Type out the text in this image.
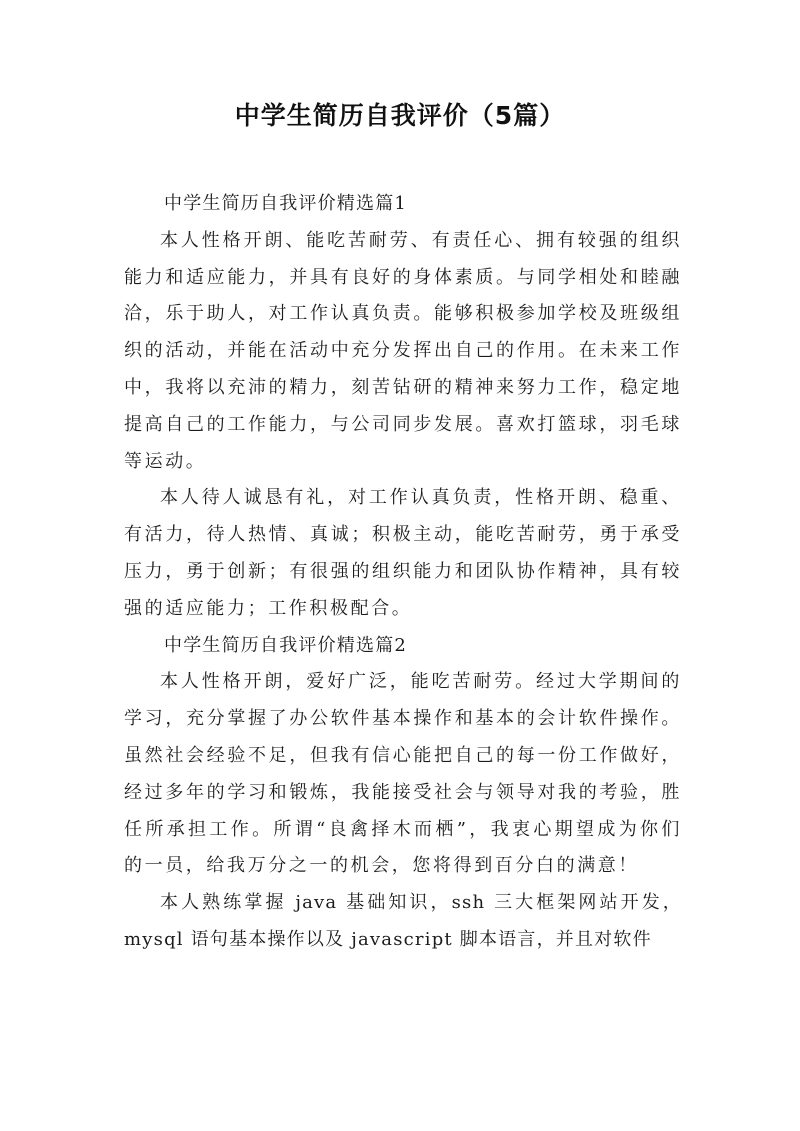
中学生简历自我评价（5篇）

中学生简历自我评价精选篇1

本人性格开朗、能吃苦耐劳、有责任心、拥有较强的组织能力和适应能力，并具有良好的身体素质。与同学相处和睦融洽，乐于助人，对工作认真负责。能够积极参加学校及班级组织的活动，并能在活动中充分发挥出自己的作用。在未来工作中，我将以充沛的精力，刻苦钻研的精神来努力工作，稳定地提高自己的工作能力，与公司同步发展。喜欢打篮球，羽毛球等运动。

本人待人诚恳有礼，对工作认真负责，性格开朗、稳重、有活力，待人热情、真诚；积极主动，能吃苦耐劳，勇于承受压力，勇于创新；有很强的组织能力和团队协作精神，具有较强的适应能力；工作积极配合。

中学生简历自我评价精选篇2

本人性格开朗，爱好广泛，能吃苦耐劳。经过大学期间的学习，充分掌握了办公软件基本操作和基本的会计软件操作。虽然社会经验不足，但我有信心能把自己的每一份工作做好，经过多年的学习和锻炼，我能接受社会与领导对我的考验，胜任所承担工作。所谓“良禽择木而栖”，我衷心期望成为你们的一员，给我万分之一的机会，您将得到百分白的满意！

本人熟练掌握 java 基础知识，ssh 三大框架网站开发，mysql 语句基本操作以及 javascript 脚本语言，并且对软件
